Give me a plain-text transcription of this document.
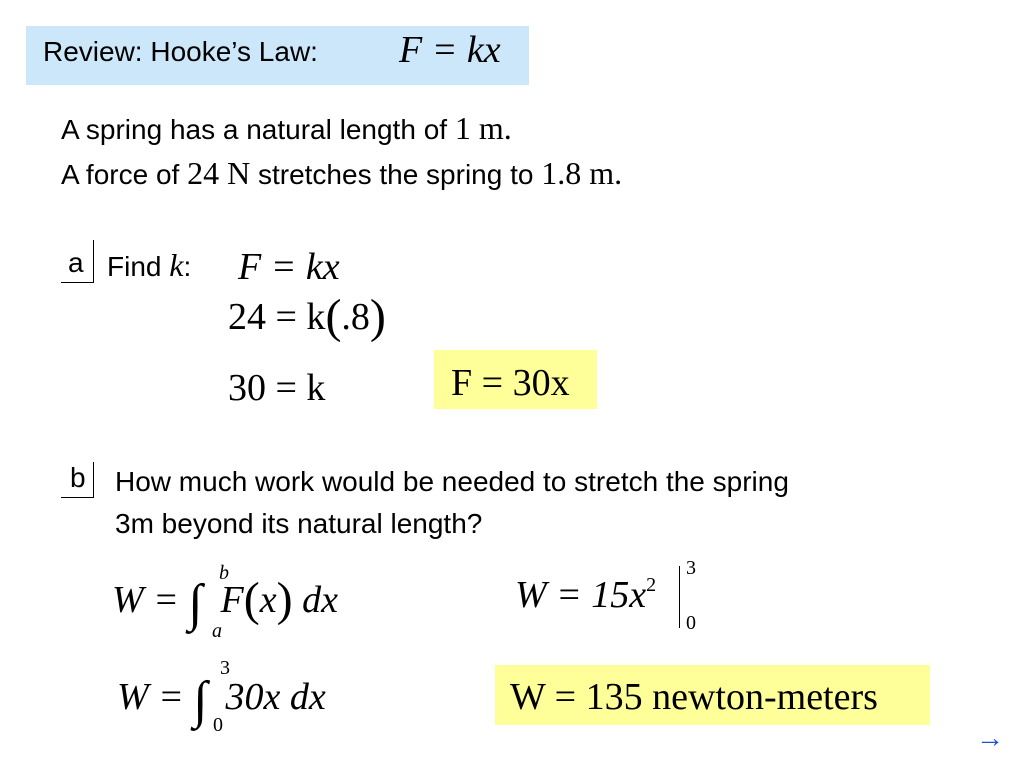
Review: Hooke’s Law: F = kx
A spring has a natural length of 1 m.
A force of 24 N stretches the spring to 1.8 m.
a Find k: F = kx
24 = k(.8)
30 = k	F = 30x
b How much work would be needed to stretch the spring
3m beyond its natural length?
W = ∫ F(x) dx
b
a
$W = 15x^2$
3
0
W = ∫ 30x dx
3
0
W = 135 newton-meters
→
